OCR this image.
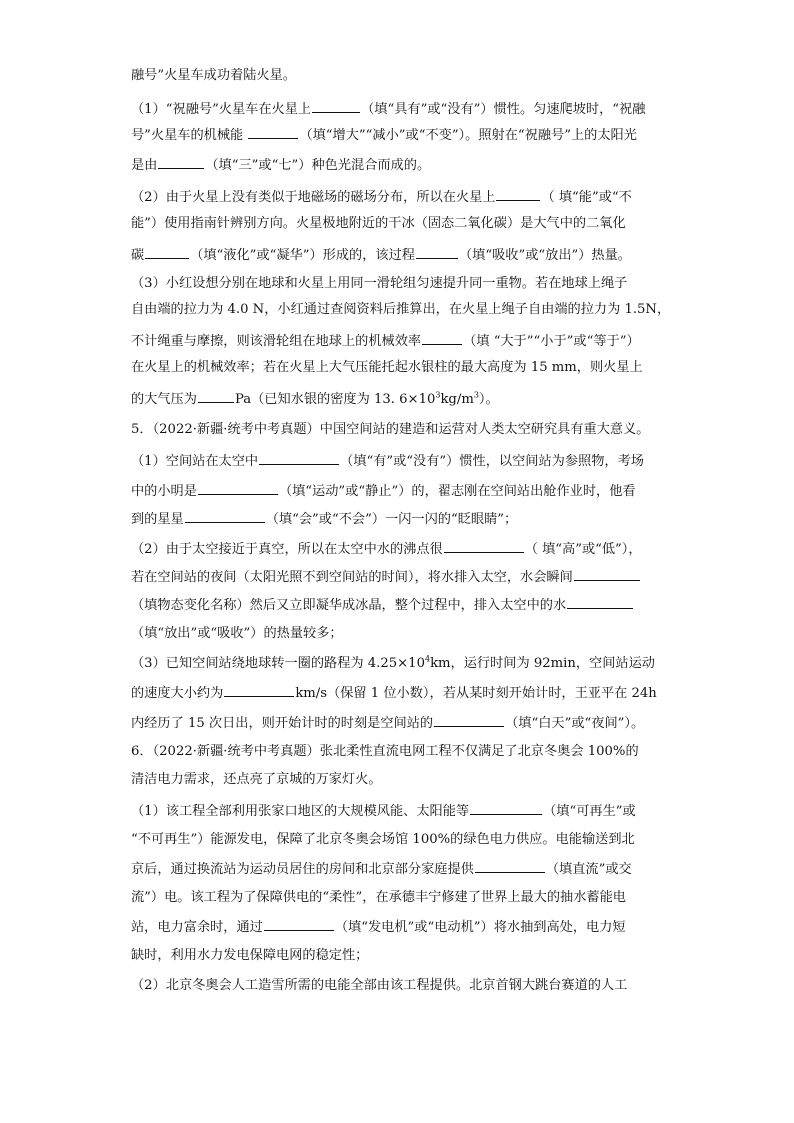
融号”火星车成功着陆火星。
（1）“祝融号”火星车在火星上	（填“具有”或“没有”）惯性。匀速爬坡时，“祝融
号”火星车的机械能	（填“增大”“减小”或“不变”）。照射在“祝融号”上的太阳光
是由	（填“三”或“七”）种色光混合而成的。
（2）由于火星上没有类似于地磁场的磁场分布，所以在火星上	（ 填“能”或“不
能”）使用指南针辨别方向。火星极地附近的干冰（固态二氧化碳）是大气中的二氧化
碳	（填“液化”或“凝华”）形成的，该过程	（填“吸收”或“放出”）热量。
（3）小红设想分别在地球和火星上用同一滑轮组匀速提升同一重物。若在地球上绳子
自由端的拉力为 4.0 N，小红通过查阅资料后推算出，在火星上绳子自由端的拉力为 1.5N，
不计绳重与摩擦，则该滑轮组在地球上的机械效率	（填 “大于”“小于”或“等于”）
在火星上的机械效率；若在火星上大气压能托起水银柱的最大高度为 15 mm，则火星上
的大气压为	Pa（已知水银的密度为 13. $6\times 10^3kg/m^3$）。
5．（2022·新疆·统考中考真题）中国空间站的建造和运营对人类太空研究具有重大意义。
（1）空间站在太空中	（填“有”或“没有”）惯性，以空间站为参照物，考场
中的小明是	（填“运动”或“静止”）的，翟志刚在空间站出舱作业时，他看
到的星星	（填“会”或“不会”）一闪一闪的“眨眼睛”；
（2）由于太空接近于真空，所以在太空中水的沸点很	（ 填“高”或“低”），
若在空间站的夜间（太阳光照不到空间站的时间），将水排入太空，水会瞬间
（填物态变化名称）然后又立即凝华成冰晶，整个过程中，排入太空中的水
（填“放出”或“吸收”）的热量较多；
（3）已知空间站绕地球转一圈的路程为 $4.25\times 10^4km$，运行时间为 92min，空间站运动
的速度大小约为	km/s（保留 1 位小数），若从某时刻开始计时，王亚平在 24h
内经历了 15 次日出，则开始计时的时刻是空间站的	（填“白天”或“夜间”）。
6．（2022·新疆·统考中考真题）张北柔性直流电网工程不仅满足了北京冬奥会 100%的
清洁电力需求，还点亮了京城的万家灯火。
（1）该工程全部利用张家口地区的大规模风能、太阳能等	（填“可再生”或
“不可再生”）能源发电，保障了北京冬奥会场馆 100%的绿色电力供应。电能输送到北
京后，通过换流站为运动员居住的房间和北京部分家庭提供	（填直流”或交
流”）电。该工程为了保障供电的“柔性”，在承德丰宁修建了世界上最大的抽水蓄能电
站，电力富余时，通过	（填“发电机”或“电动机”）将水抽到高处，电力短
缺时，利用水力发电保障电网的稳定性；
（2）北京冬奥会人工造雪所需的电能全部由该工程提供。北京首钢大跳台赛道的人工
